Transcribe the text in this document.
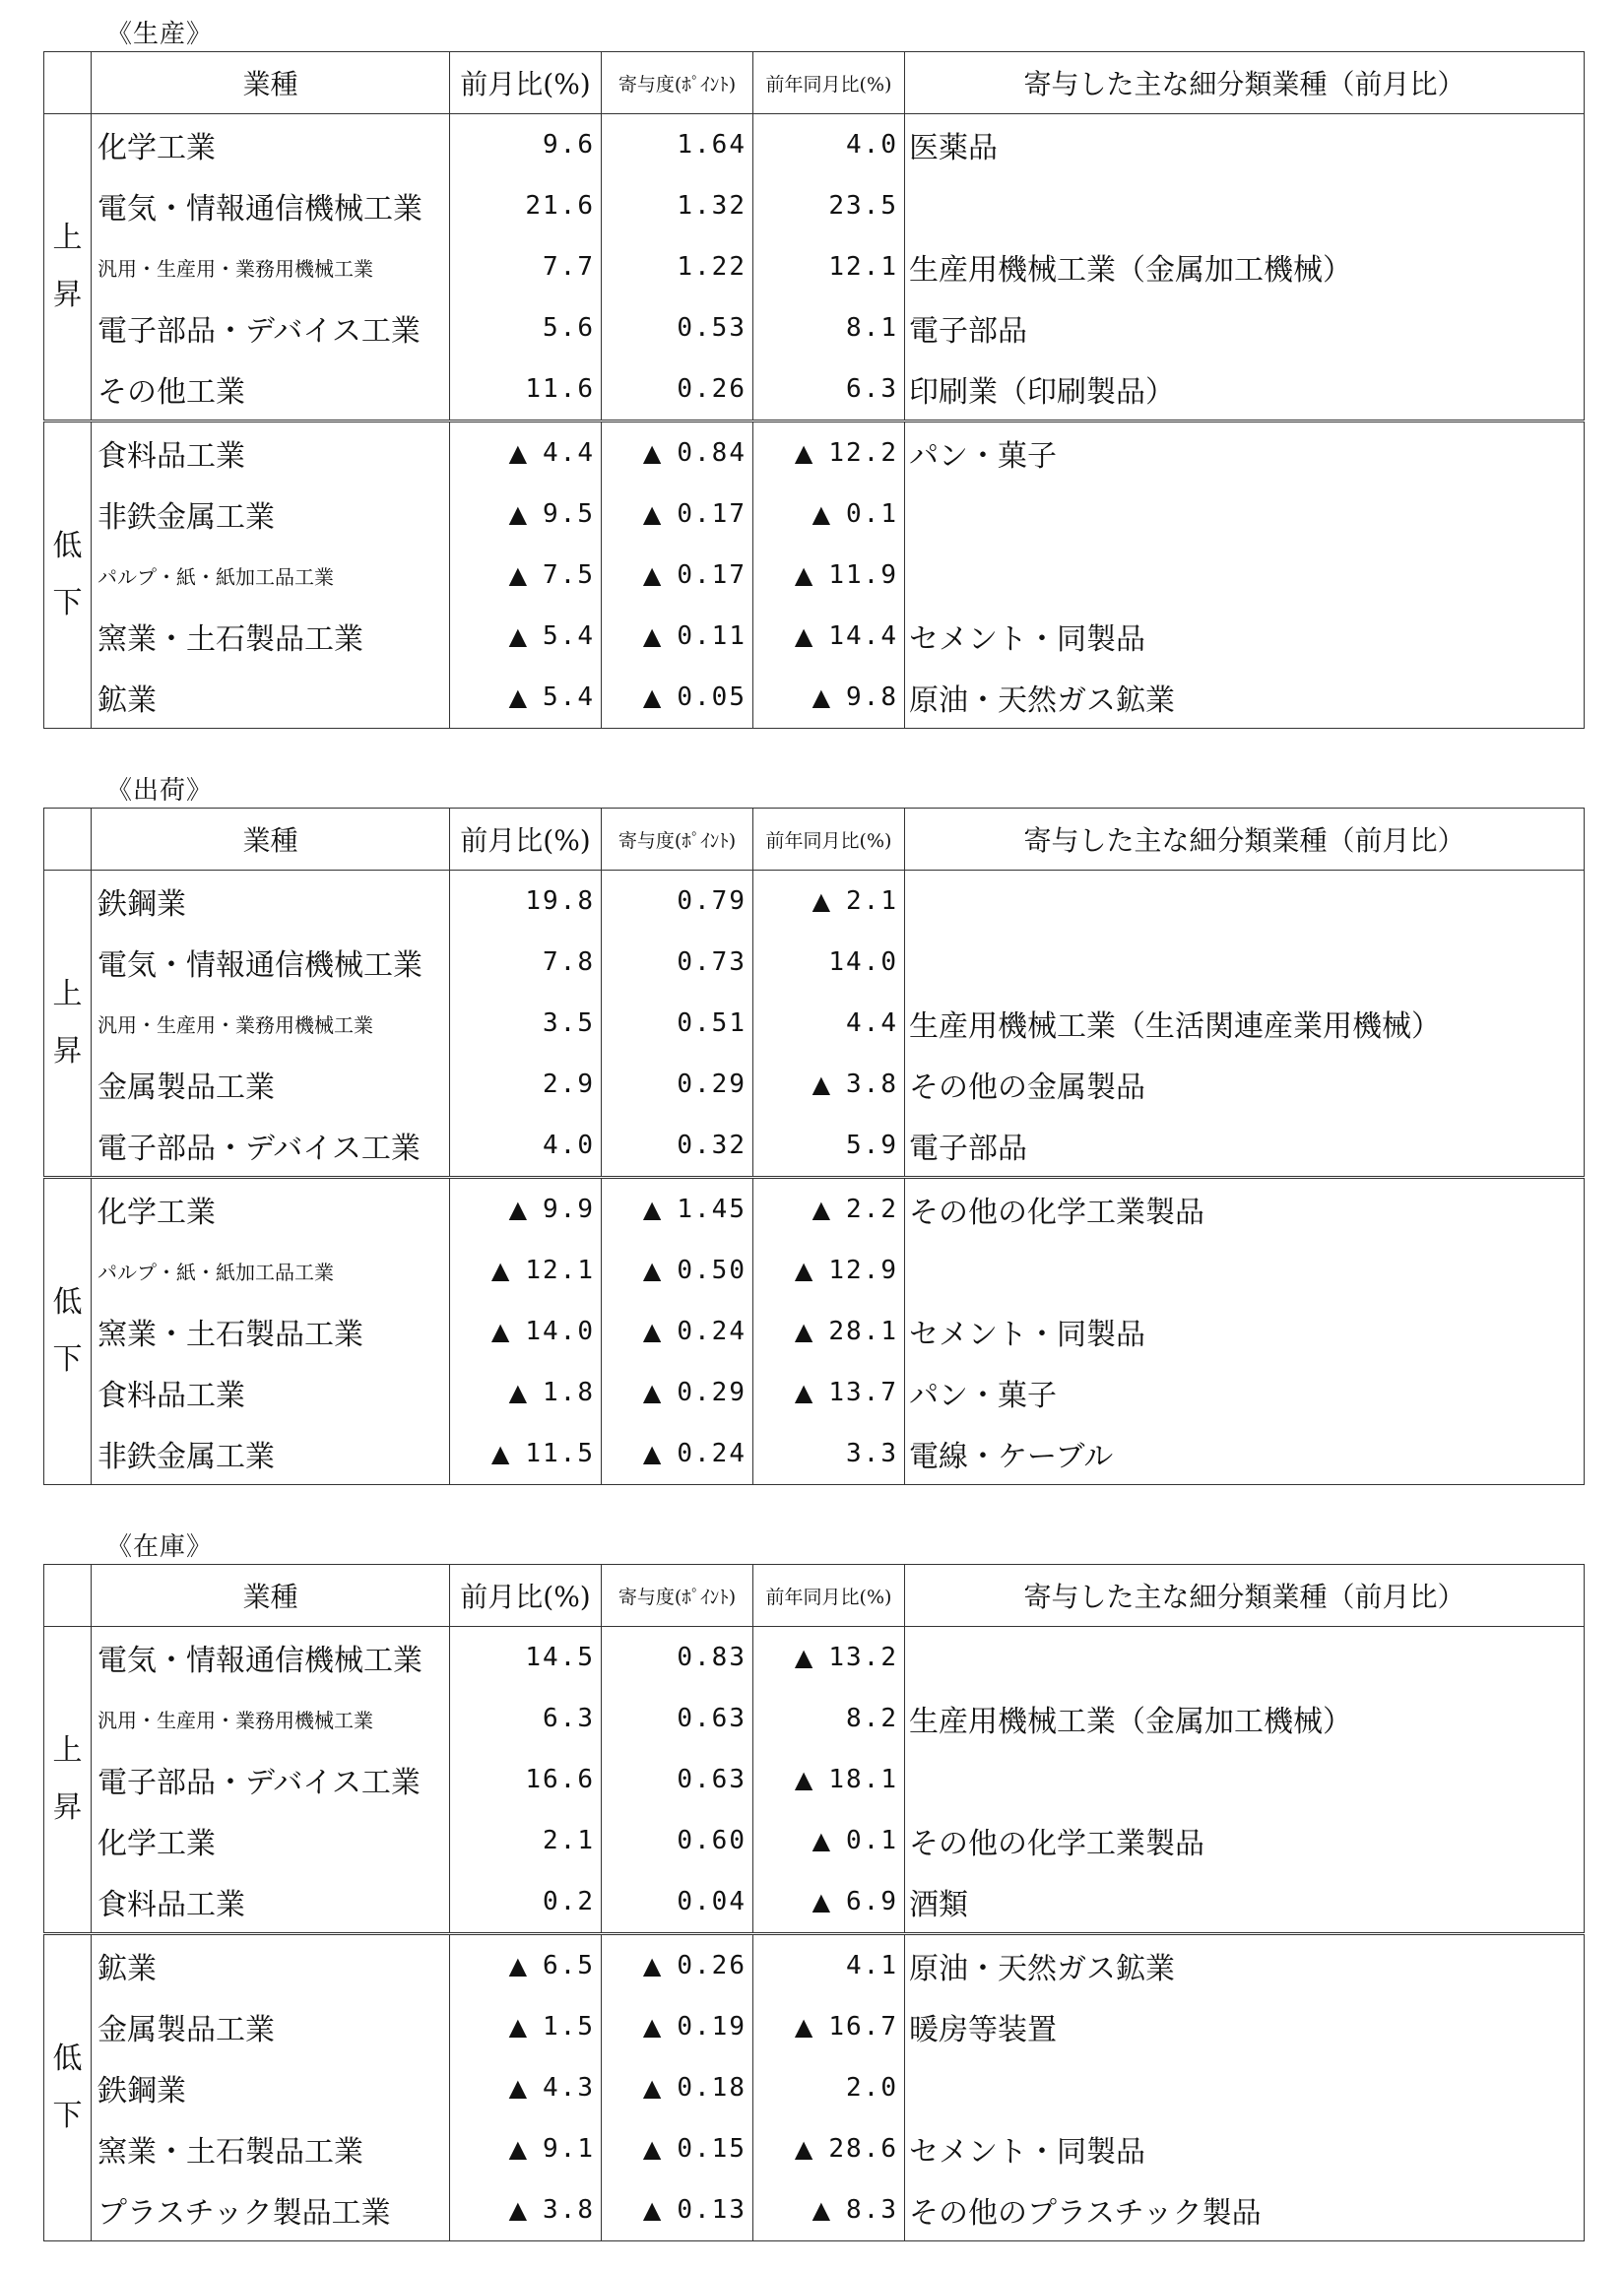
《生産》
	業種	前月比(%)	寄与度(ﾎﾟｲﾝﾄ)	前年同月比(%)	寄与した主な細分類業種（前月比）

上
昇	化学工業	9.6	1.64	4.0	医薬品
	電気・情報通信機械工業	21.6	1.32	23.5	
	汎用・生産用・業務用機械工業	7.7	1.22	12.1	生産用機械工業（金属加工機械）
	電子部品・デバイス工業	5.6	0.53	8.1	電子部品
	その他工業	11.6	0.26	6.3	印刷業（印刷製品）

低
下	食料品工業	▲ 4.4	▲ 0.84	▲ 12.2	パン・菓子
	非鉄金属工業	▲ 9.5	▲ 0.17	▲ 0.1	
	パルプ・紙・紙加工品工業	▲ 7.5	▲ 0.17	▲ 11.9	
	窯業・土石製品工業	▲ 5.4	▲ 0.11	▲ 14.4	セメント・同製品
	鉱業	▲ 5.4	▲ 0.05	▲ 9.8	原油・天然ガス鉱業
《出荷》
	業種	前月比(%)	寄与度(ﾎﾟｲﾝﾄ)	前年同月比(%)	寄与した主な細分類業種（前月比）

上
昇	鉄鋼業	19.8	0.79	▲ 2.1	
	電気・情報通信機械工業	7.8	0.73	14.0	
	汎用・生産用・業務用機械工業	3.5	0.51	4.4	生産用機械工業（生活関連産業用機械）
	金属製品工業	2.9	0.29	▲ 3.8	その他の金属製品
	電子部品・デバイス工業	4.0	0.32	5.9	電子部品

低
下	化学工業	▲ 9.9	▲ 1.45	▲ 2.2	その他の化学工業製品
	パルプ・紙・紙加工品工業	▲ 12.1	▲ 0.50	▲ 12.9	
	窯業・土石製品工業	▲ 14.0	▲ 0.24	▲ 28.1	セメント・同製品
	食料品工業	▲ 1.8	▲ 0.29	▲ 13.7	パン・菓子
	非鉄金属工業	▲ 11.5	▲ 0.24	3.3	電線・ケーブル
《在庫》
	業種	前月比(%)	寄与度(ﾎﾟｲﾝﾄ)	前年同月比(%)	寄与した主な細分類業種（前月比）

上
昇	電気・情報通信機械工業	14.5	0.83	▲ 13.2	
	汎用・生産用・業務用機械工業	6.3	0.63	8.2	生産用機械工業（金属加工機械）
	電子部品・デバイス工業	16.6	0.63	▲ 18.1	
	化学工業	2.1	0.60	▲ 0.1	その他の化学工業製品
	食料品工業	0.2	0.04	▲ 6.9	酒類

低
下	鉱業	▲ 6.5	▲ 0.26	4.1	原油・天然ガス鉱業
	金属製品工業	▲ 1.5	▲ 0.19	▲ 16.7	暖房等装置
	鉄鋼業	▲ 4.3	▲ 0.18	2.0	
	窯業・土石製品工業	▲ 9.1	▲ 0.15	▲ 28.6	セメント・同製品
	プラスチック製品工業	▲ 3.8	▲ 0.13	▲ 8.3	その他のプラスチック製品
